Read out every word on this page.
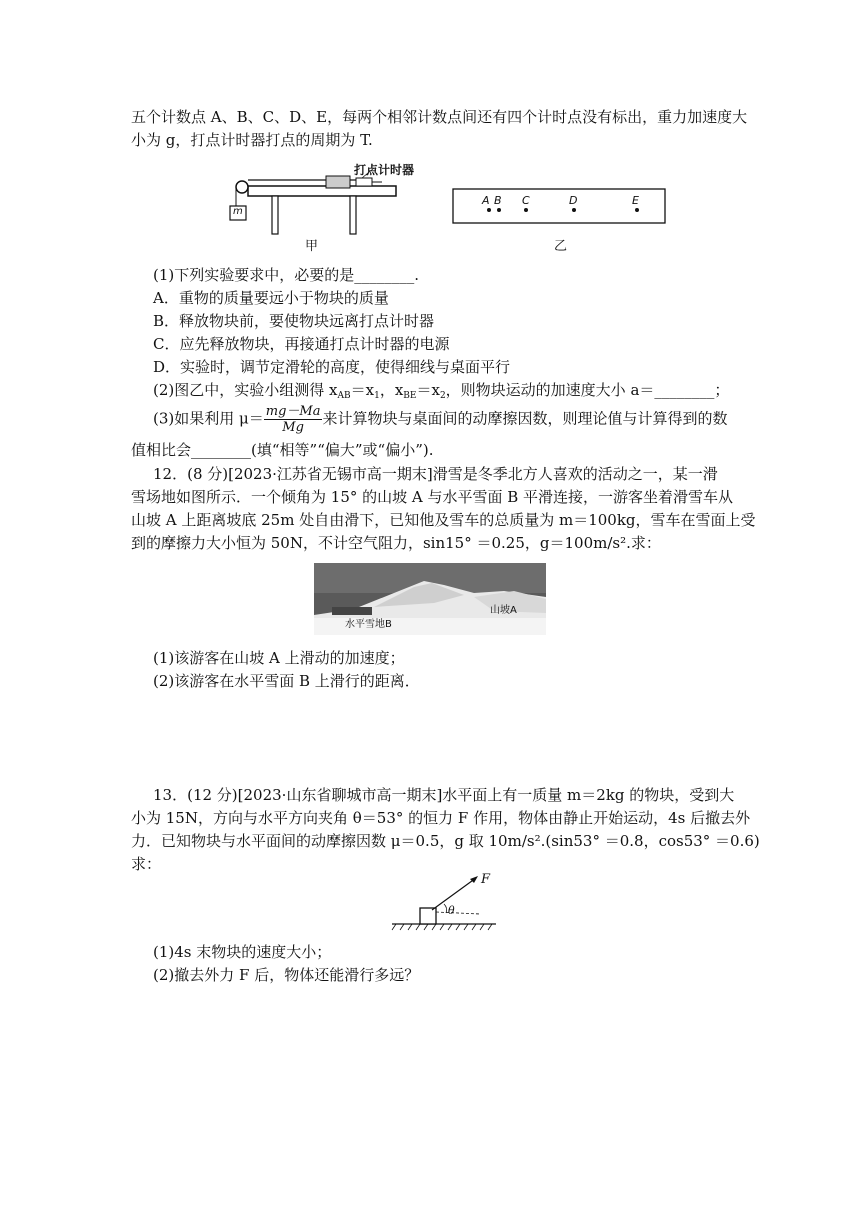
五个计数点 A、B、C、D、E，每两个相邻计数点间还有四个计时点没有标出，重力加速度大
小为 g，打点计时器打点的周期为 T.
打点计时器
m
甲
A B C	D	E
乙
(1)下列实验要求中，必要的是________.
A．重物的质量要远小于物块的质量
B．释放物块前，要使物块远离打点计时器
C．应先释放物块，再接通打点计时器的电源
D．实验时，调节定滑轮的高度，使得细线与桌面平行
(2)图乙中，实验小组测得 $x_{AB}=x_1$，$x_{BE}=x_2$，则物块运动的加速度大小 a＝________；
(3)如果利用 $\mu= \frac{mg-Ma}{Mg}$ 来计算物块与桌面间的动摩擦因数，则理论值与计算得到的数
值相比会________(填“相等”“偏大”或“偏小”).
12．(8 分)[2023·江苏省无锡市高一期末]滑雪是冬季北方人喜欢的活动之一，某一滑
雪场地如图所示．一个倾角为 15° 的山坡 A 与水平雪面 B 平滑连接，一游客坐着滑雪车从
山坡 A 上距离坡底 25m 处自由滑下，已知他及雪车的总质量为 m＝100kg，雪车在雪面上受
到的摩擦力大小恒为 50N，不计空气阻力，sin15° ＝0.25，g＝100m/s².求：
山坡A
水平雪地B
(1)该游客在山坡 A 上滑动的加速度；
(2)该游客在水平雪面 B 上滑行的距离．
13．(12 分)[2023·山东省聊城市高一期末]水平面上有一质量 m＝2kg 的物块，受到大
小为 15N，方向与水平方向夹角 θ＝53° 的恒力 F 作用，物体由静止开始运动，4s 后撤去外
力．已知物块与水平面间的动摩擦因数 μ＝0.5，g 取 10m/s².(sin53° ＝0.8，cos53° ＝0.6)
求：
F
θ
(1)4s 末物块的速度大小；
(2)撤去外力 F 后，物体还能滑行多远？
